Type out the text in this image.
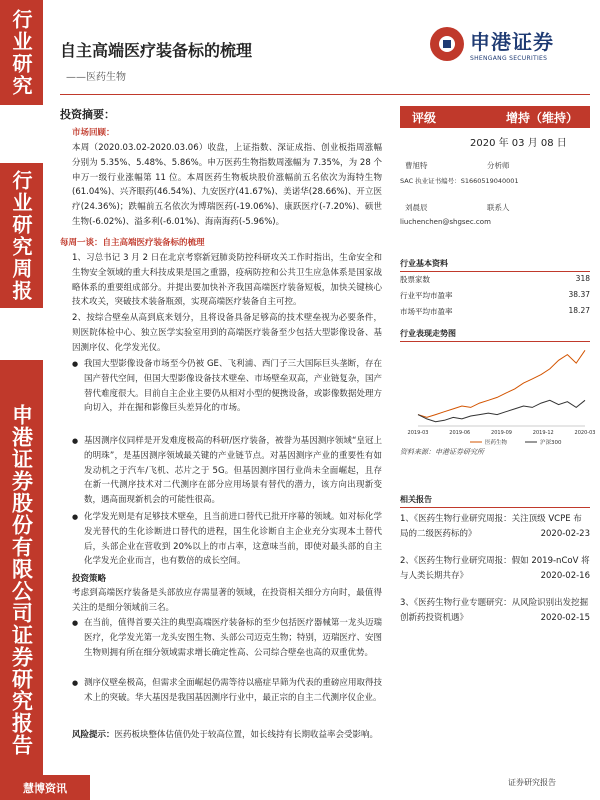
行业研究
行业研究周报
申港证券股份有限公司证券研究报告
慧博资讯	证券研究报告
自主高端医疗装备标的梳理
——医药生物
申港证券
SHENGANG SECURITIES
投资摘要：
市场回顾：
本周（2020.03.02-2020.03.06）收盘，上证指数、深证成指、创业板指周涨幅分别为 5.35%、5.48%、5.86%。申万医药生物指数周涨幅为 7.35%，为 28 个申万一级行业涨幅第 11 位。本周医药生物板块股价涨幅前五名依次为海特生物(61.04%)、兴齐眼药(46.54%)、九安医疗(41.67%)、美诺华(28.66%)、开立医疗(24.36%)；跌幅前五名依次为博瑞医药(-19.06%)、康跃医疗(-7.20%)、硕世生物(-6.02%)、溢多利(-6.01%)、海南海药(-5.96%)。
每周一谈：自主高端医疗装备标的梳理
1、习总书记 3 月 2 日在北京考察新冠肺炎防控科研攻关工作时指出，生命安全和生物安全领域的重大科技成果是国之重器，疫病防控和公共卫生应急体系是国家战略体系的重要组成部分。并提出要加快补齐我国高端医疗装备短板，加快关键核心技术攻关，突破技术装备瓶颈，实现高端医疗装备自主可控。
2、按综合壁垒从高到底来划分，且将设备具备足够高的技术壁垒视为必要条件，则医院体检中心、独立医学实验室用到的高端医疗装备至少包括大型影像设备、基因测序仪、化学发光仪。
● 我国大型影像设备市场至今仍被 GE、飞利浦、西门子三大国际巨头垄断，存在国产替代空间，但国大型影像设备技术壁垒、市场壁垒双高，产业链复杂，国产替代难度很大。目前自主企业主要仍从相对小型的便携设备，或影像数据处理方向切入，并在掘和影像巨头差异化的市场。
● 基因测序仪同样是开发难度极高的科研/医疗装备，被誉为基因测序领域“皇冠上的明珠”，是基因测序领域最关键的产业链节点。对基因测序产业的重要性有如发动机之于汽车/飞机、芯片之于 5G。但基因测序国行业尚未全面崛起，且存在新一代测序技术对二代测序在部分应用场景有替代的潜力，该方向出现新变数，遇高面现新机会的可能性很高。
● 化学发光则是有足够技术壁垒，且当前进口替代已批开序幕的领域。如对标化学发光替代的生化诊断进口替代的进程，国生化诊断自主企业充分实现本土替代后，头部企业在营收到 20%以上的市占率，这意味当前，即使对最头部的自主化学发光企业而言，也有数倍的成长空间。
投资策略
考虑到高端医疗装备是头部放应存需显著的领域，在投资相关细分方向时，最值得关注的是细分领域前三名。
● 在当前，值得首要关注的典型高端医疗装备标的至少包括医疗器械第一龙头迈瑞医疗，化学发光第一龙头安图生物、头部公司迈克生物；特别，迈瑞医疗、安图生物则拥有所在细分领域需求增长确定性高、公司综合壁垒也高的双重优势。
● 测序仪壁垒极高，但需求全面崛起仍需等待以癌症早筛为代表的重磅应用取得技术上的突破。华大基因是我国基因测序行业中，最正宗的自主二代测序仪企业。
风险提示：医药板块整体估值仍处于较高位置，如长线持有长期收益率会受影响。
评级	增持（维持）
2020 年 03 月 08 日
曹旭特	分析师
SAC 执业证书编号：S1660519040001
刘晨辰	联系人
liuchenchen@shgsec.com
行业基本资料
股票家数	318
行业平均市盈率	38.37
市场平均市盈率	18.27
行业表现走势图
2019-03	2019-06	2019-09	2019-12	2020-03
医药生物	沪深300
资料来源：申港证券研究所
相关报告
1、《医药生物行业研究周报：关注顶级 VCPE 布局的二级医药标的》	2020-02-23
2、《医药生物行业研究周报：假如 2019-nCoV 将与人类长期共存》	2020-02-16
3、《医药生物行业专题研究：从风险识别出发挖掘创新药投资机遇》	2020-02-15
